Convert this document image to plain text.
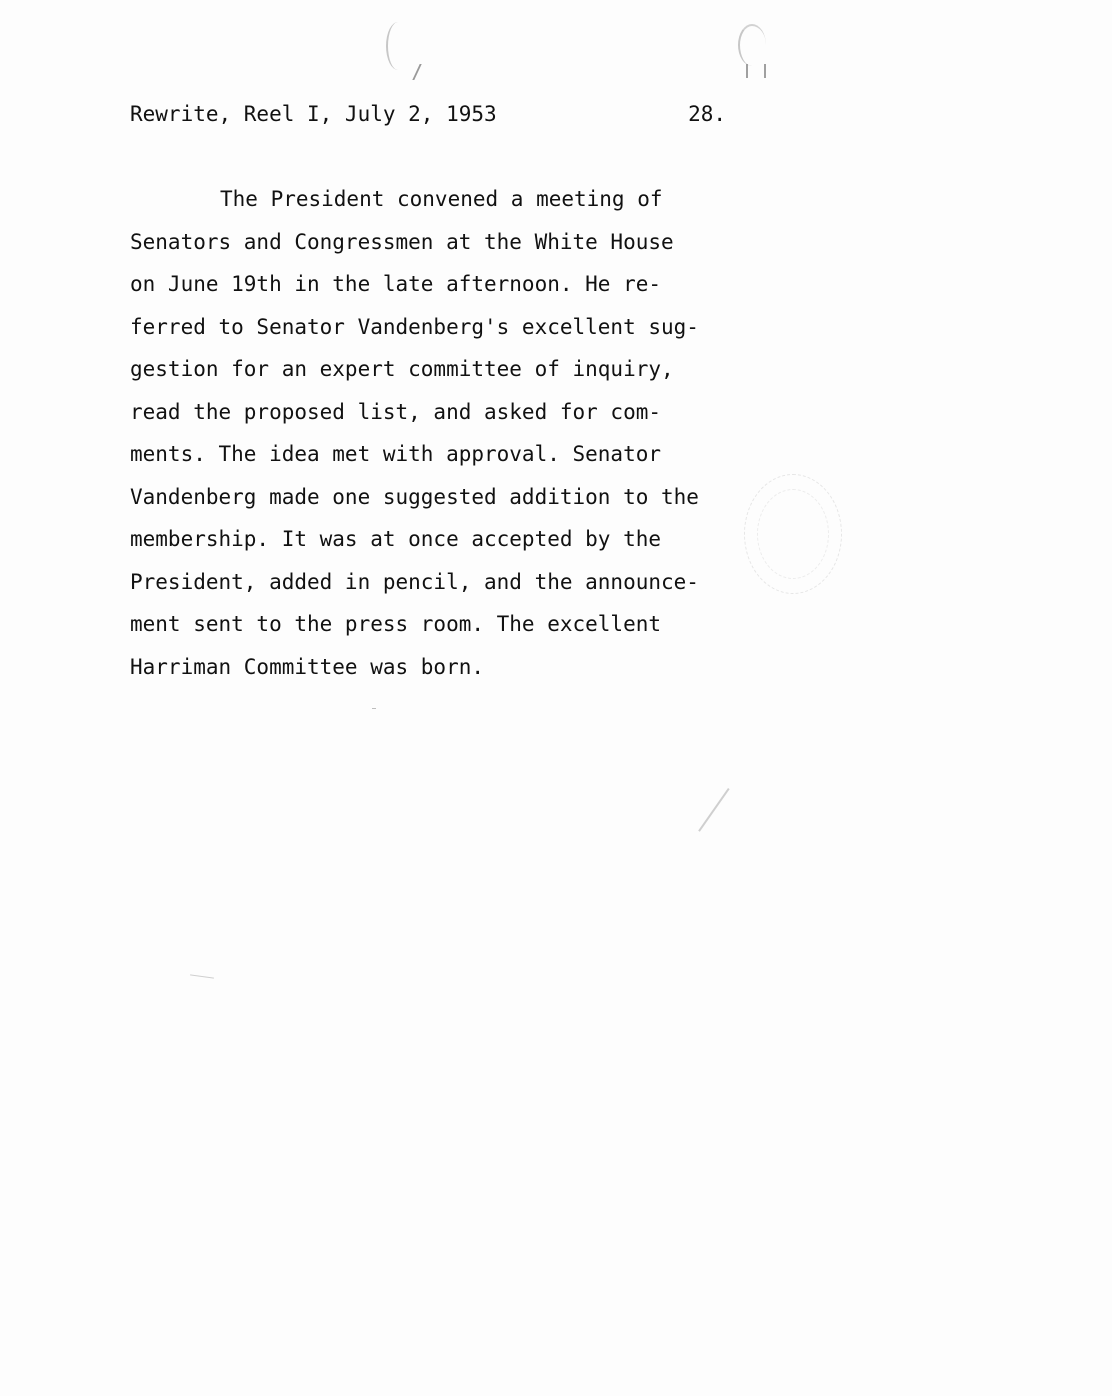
Rewrite, Reel I, July 2, 1953

	28.

The President convened a meeting of
Senators and Congressmen at the White House
on June 19th in the late afternoon. He re-
ferred to Senator Vandenberg's excellent sug-
gestion for an expert committee of inquiry,
read the proposed list, and asked for com-
ments. The idea met with approval. Senator
Vandenberg made one suggested addition to the
membership. It was at once accepted by the
President, added in pencil, and the announce-
ment sent to the press room. The excellent
Harriman Committee was born.
